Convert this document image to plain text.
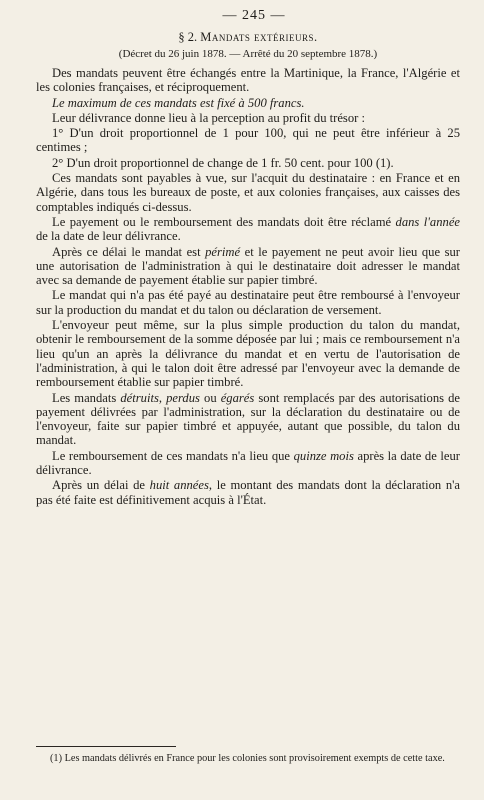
— 245 —
§ 2. Mandats extérieurs.
(Décret du 26 juin 1878. — Arrêté du 20 septembre 1878.)

Des mandats peuvent être échangés entre la Martinique, la France, l'Algérie et les colonies françaises, et réciproquement.

Le maximum de ces mandats est fixé à 500 francs.

Leur délivrance donne lieu à la perception au profit du trésor :

1° D'un droit proportionnel de 1 pour 100, qui ne peut être inférieur à 25 centimes ;

2° D'un droit proportionnel de change de 1 fr. 50 cent. pour 100 (1).

Ces mandats sont payables à vue, sur l'acquit du destinataire : en France et en Algérie, dans tous les bureaux de poste, et aux colonies françaises, aux caisses des comptables indiqués ci-dessus.

Le payement ou le remboursement des mandats doit être réclamé dans l'année de la date de leur délivrance.

Après ce délai le mandat est périmé et le payement ne peut avoir lieu que sur une autorisation de l'administration à qui le destinataire doit adresser le mandat avec sa demande de payement établie sur papier timbré.

Le mandat qui n'a pas été payé au destinataire peut être remboursé à l'envoyeur sur la production du mandat et du talon ou déclaration de versement.

L'envoyeur peut même, sur la plus simple production du talon du mandat, obtenir le remboursement de la somme déposée par lui ; mais ce remboursement n'a lieu qu'un an après la délivrance du mandat et en vertu de l'autorisation de l'administration, à qui le talon doit être adressé par l'envoyeur avec la demande de remboursement établie sur papier timbré.

Les mandats détruits, perdus ou égarés sont remplacés par des autorisations de payement délivrées par l'administration, sur la déclaration du destinataire ou de l'envoyeur, faite sur papier timbré et appuyée, autant que possible, du talon du mandat.

Le remboursement de ces mandats n'a lieu que quinze mois après la date de leur délivrance.

Après un délai de huit années, le montant des mandats dont la déclaration n'a pas été faite est définitivement acquis à l'État.

(1) Les mandats délivrés en France pour les colonies sont provisoirement exempts de cette taxe.
